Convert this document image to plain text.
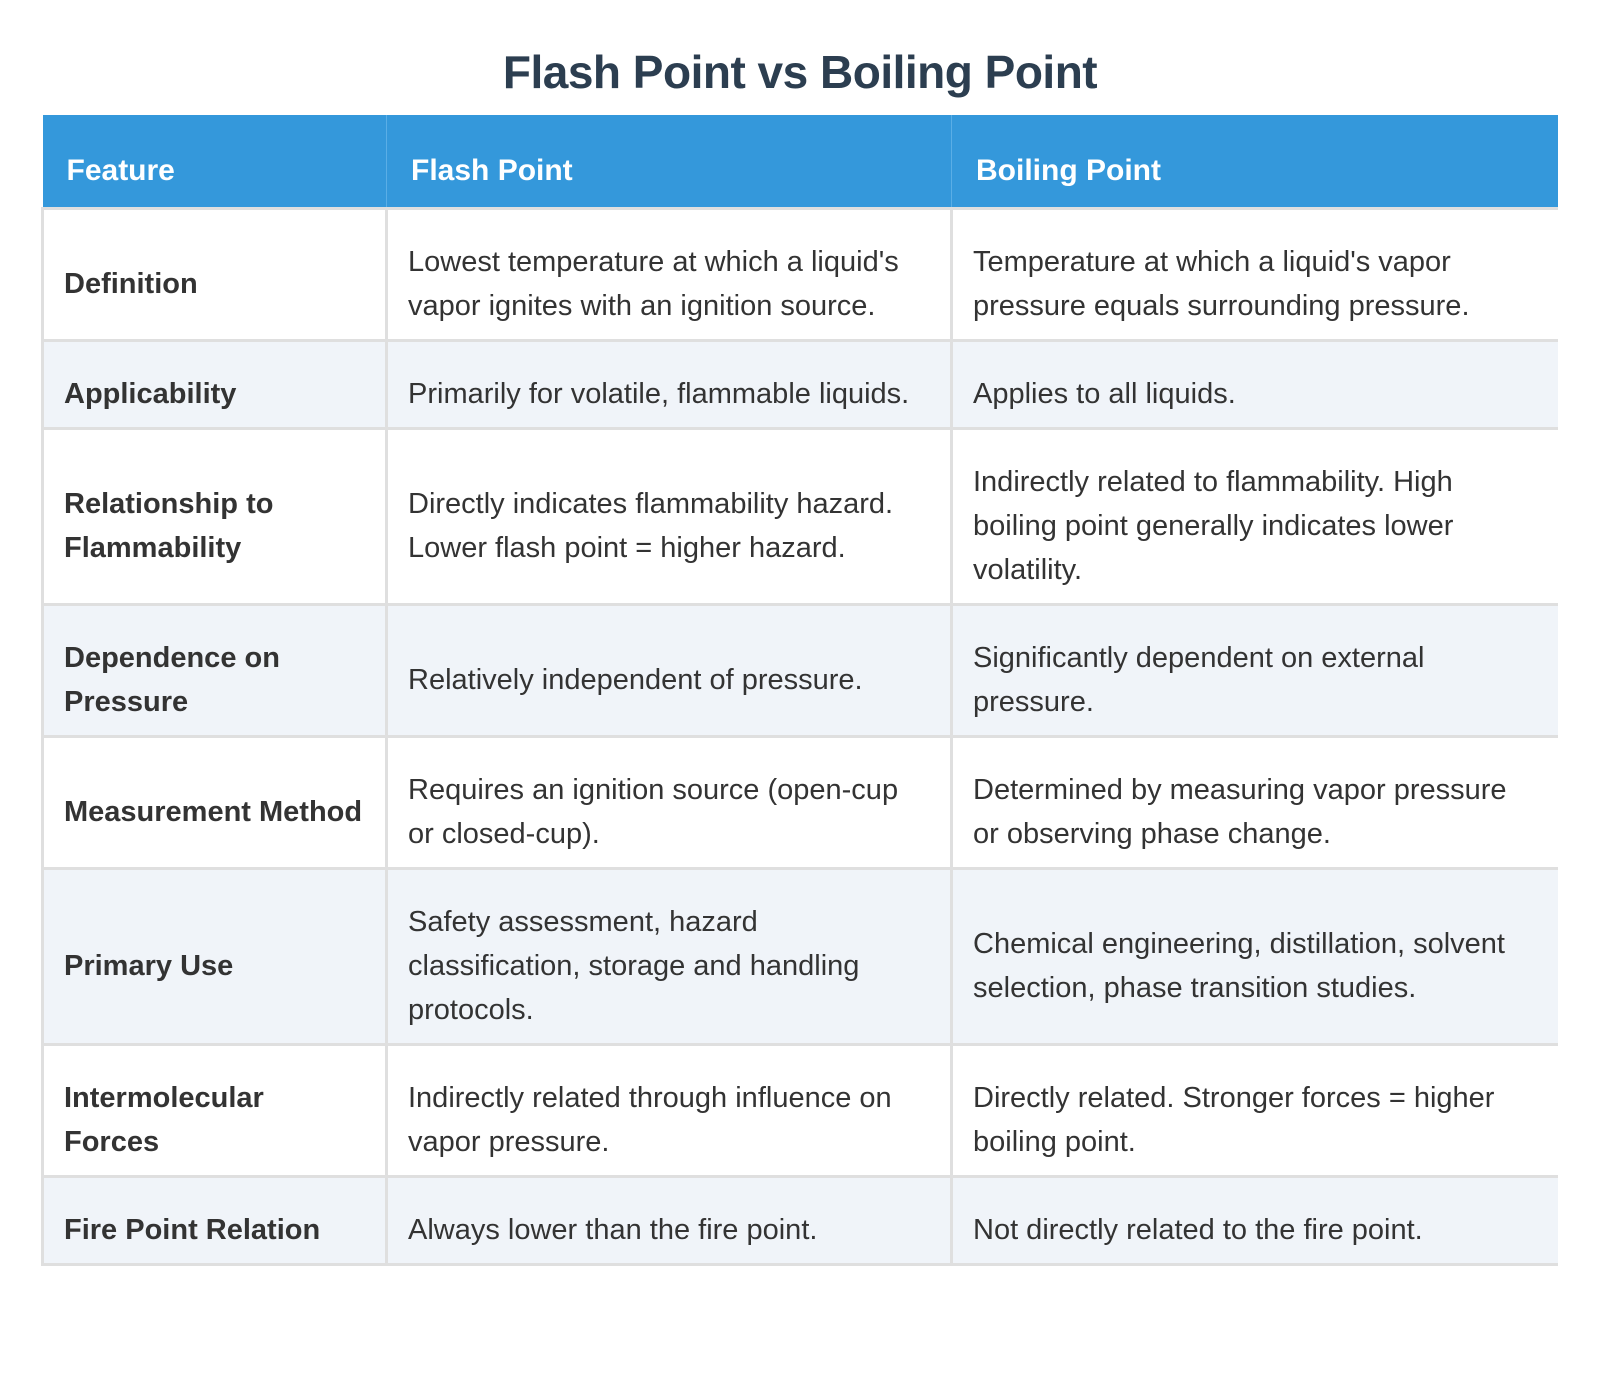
Flash Point vs Boiling Point
Feature	Flash Point	Boiling Point
Definition	Lowest temperature at which a liquid's vapor ignites with an ignition source.	Temperature at which a liquid's vapor pressure equals surrounding pressure.
Applicability	Primarily for volatile, flammable liquids.	Applies to all liquids.
Relationship to Flammability	Directly indicates flammability hazard. Lower flash point = higher hazard.	Indirectly related to flammability. High boiling point generally indicates lower volatility.
Dependence on Pressure	Relatively independent of pressure.	Significantly dependent on external pressure.
Measurement Method	Requires an ignition source (open-cup or closed-cup).	Determined by measuring vapor pressure or observing phase change.
Primary Use	Safety assessment, hazard classification, storage and handling protocols.	Chemical engineering, distillation, solvent selection, phase transition studies.
Intermolecular Forces	Indirectly related through influence on vapor pressure.	Directly related. Stronger forces = higher boiling point.
Fire Point Relation	Always lower than the fire point.	Not directly related to the fire point.
